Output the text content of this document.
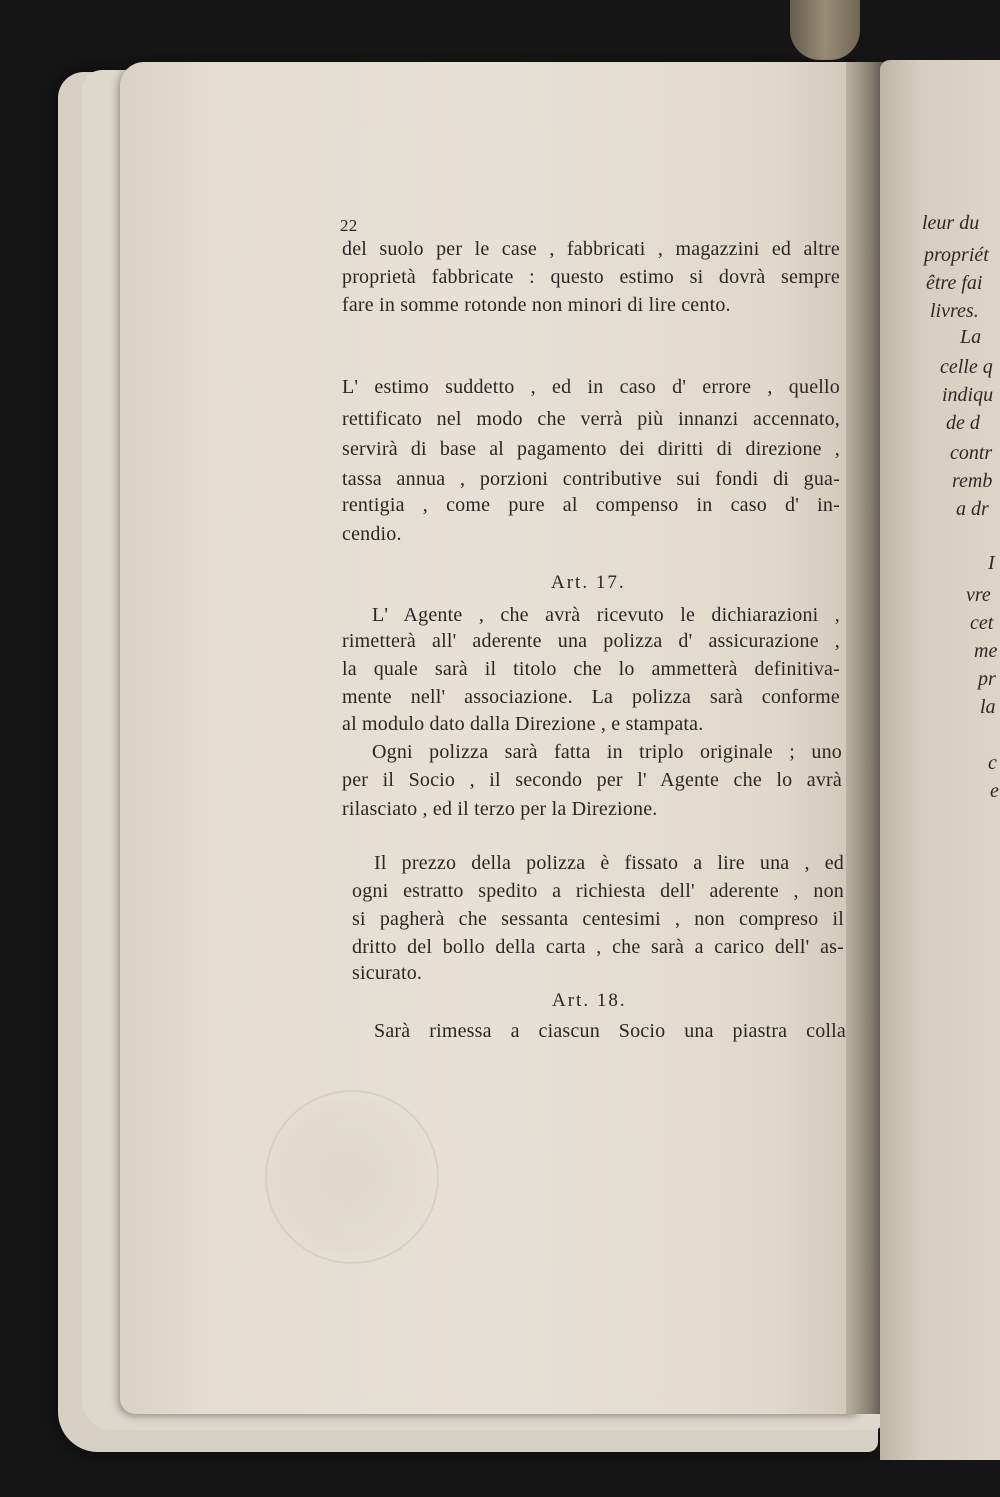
22
del suolo per le case , fabbricati , magazzini ed altre
proprietà fabbricate : questo estimo si dovrà sempre
fare in somme rotonde non minori di lire cento.
L' estimo suddetto , ed in caso d' errore , quello
rettificato nel modo che verrà più innanzi accennato,
servirà di base al pagamento dei diritti di direzione ,
tassa annua , porzioni contributive sui fondi di gua-
rentigia , come pure al compenso in caso d' in-
cendio.
Art. 17.
L' Agente , che avrà ricevuto le dichiarazioni ,
rimetterà all' aderente una polizza d' assicurazione ,
la quale sarà il titolo che lo ammetterà definitiva-
mente nell' associazione. La polizza sarà conforme
al modulo dato dalla Direzione , e stampata.
Ogni polizza sarà fatta in triplo originale ; uno
per il Socio , il secondo per l' Agente che lo avrà
rilasciato , ed il terzo per la Direzione.
Il prezzo della polizza è fissato a lire una , ed
ogni estratto spedito a richiesta dell' aderente , non
si pagherà che sessanta centesimi , non compreso il
dritto del bollo della carta , che sarà a carico dell' as-
sicurato.
Art. 18.
Sarà rimessa a ciascun Socio una piastra colla
leur du
propriét
être fai
livres.
La
celle q
indiqu
de d
contr
remb
a dr
I
vre
cet
me
pr
la
c
e
